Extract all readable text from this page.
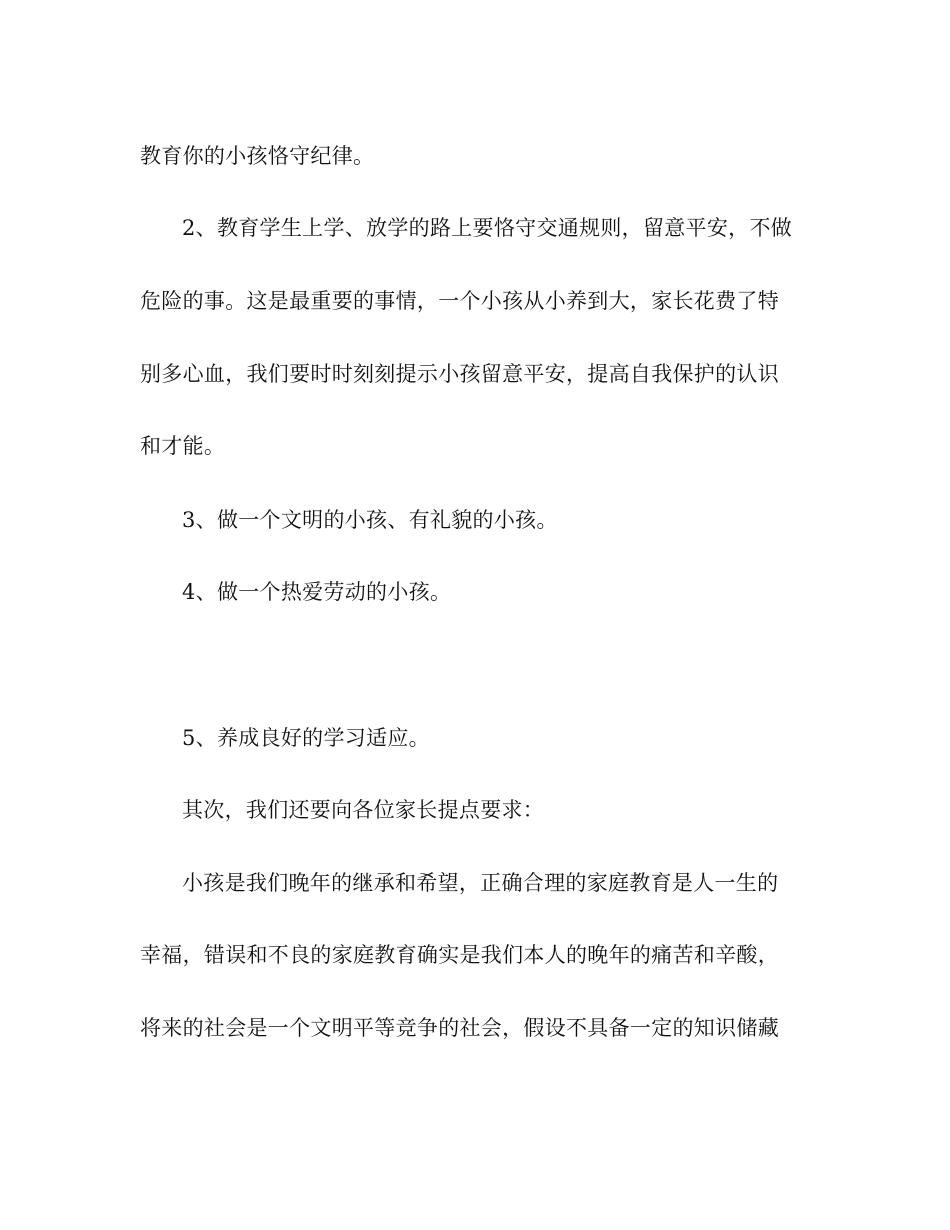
教育你的小孩恪守纪律。
2、教育学生上学、放学的路上要恪守交通规则，留意平安，不做
危险的事。这是最重要的事情，一个小孩从小养到大，家长花费了特
别多心血，我们要时时刻刻提示小孩留意平安，提高自我保护的认识
和才能。
3、做一个文明的小孩、有礼貌的小孩。
4、做一个热爱劳动的小孩。
5、养成良好的学习适应。
其次，我们还要向各位家长提点要求：
小孩是我们晚年的继承和希望，正确合理的家庭教育是人一生的
幸福，错误和不良的家庭教育确实是我们本人的晚年的痛苦和辛酸，
将来的社会是一个文明平等竞争的社会，假设不具备一定的知识储藏
